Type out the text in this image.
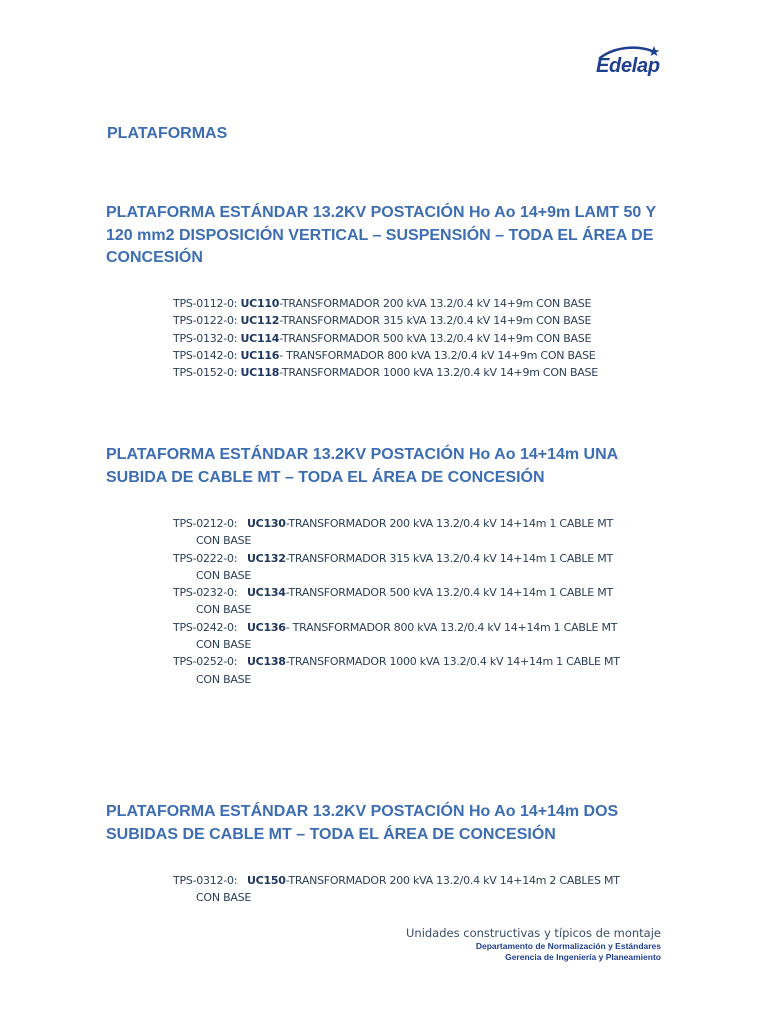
Edelap
PLATAFORMAS
PLATAFORMA ESTÁNDAR 13.2KV POSTACIÓN Ho Ao 14+9m LAMT 50 Y 120 mm2 DISPOSICIÓN VERTICAL – SUSPENSIÓN – TODA EL ÁREA DE CONCESIÓN
TPS-0112-0: UC110-TRANSFORMADOR 200 kVA 13.2/0.4 kV 14+9m CON BASE
TPS-0122-0: UC112-TRANSFORMADOR 315 kVA 13.2/0.4 kV 14+9m CON BASE
TPS-0132-0: UC114-TRANSFORMADOR 500 kVA 13.2/0.4 kV 14+9m CON BASE
TPS-0142-0: UC116- TRANSFORMADOR 800 kVA 13.2/0.4 kV 14+9m CON BASE
TPS-0152-0: UC118-TRANSFORMADOR 1000 kVA 13.2/0.4 kV 14+9m CON BASE
PLATAFORMA ESTÁNDAR 13.2KV POSTACIÓN Ho Ao 14+14m UNA SUBIDA DE CABLE MT – TODA EL ÁREA DE CONCESIÓN
TPS-0212-0:   UC130-TRANSFORMADOR 200 kVA 13.2/0.4 kV 14+14m 1 CABLE MT
CON BASE
TPS-0222-0:   UC132-TRANSFORMADOR 315 kVA 13.2/0.4 kV 14+14m 1 CABLE MT
CON BASE
TPS-0232-0:   UC134-TRANSFORMADOR 500 kVA 13.2/0.4 kV 14+14m 1 CABLE MT
CON BASE
TPS-0242-0:   UC136- TRANSFORMADOR 800 kVA 13.2/0.4 kV 14+14m 1 CABLE MT
CON BASE
TPS-0252-0:   UC138-TRANSFORMADOR 1000 kVA 13.2/0.4 kV 14+14m 1 CABLE MT
CON BASE
PLATAFORMA ESTÁNDAR 13.2KV POSTACIÓN Ho Ao 14+14m DOS SUBIDAS DE CABLE MT – TODA EL ÁREA DE CONCESIÓN
TPS-0312-0:   UC150-TRANSFORMADOR 200 kVA 13.2/0.4 kV 14+14m 2 CABLES MT
CON BASE
Unidades constructivas y típicos de montaje
Departamento de Normalización y Estándares
Gerencia de Ingeniería y Planeamiento
